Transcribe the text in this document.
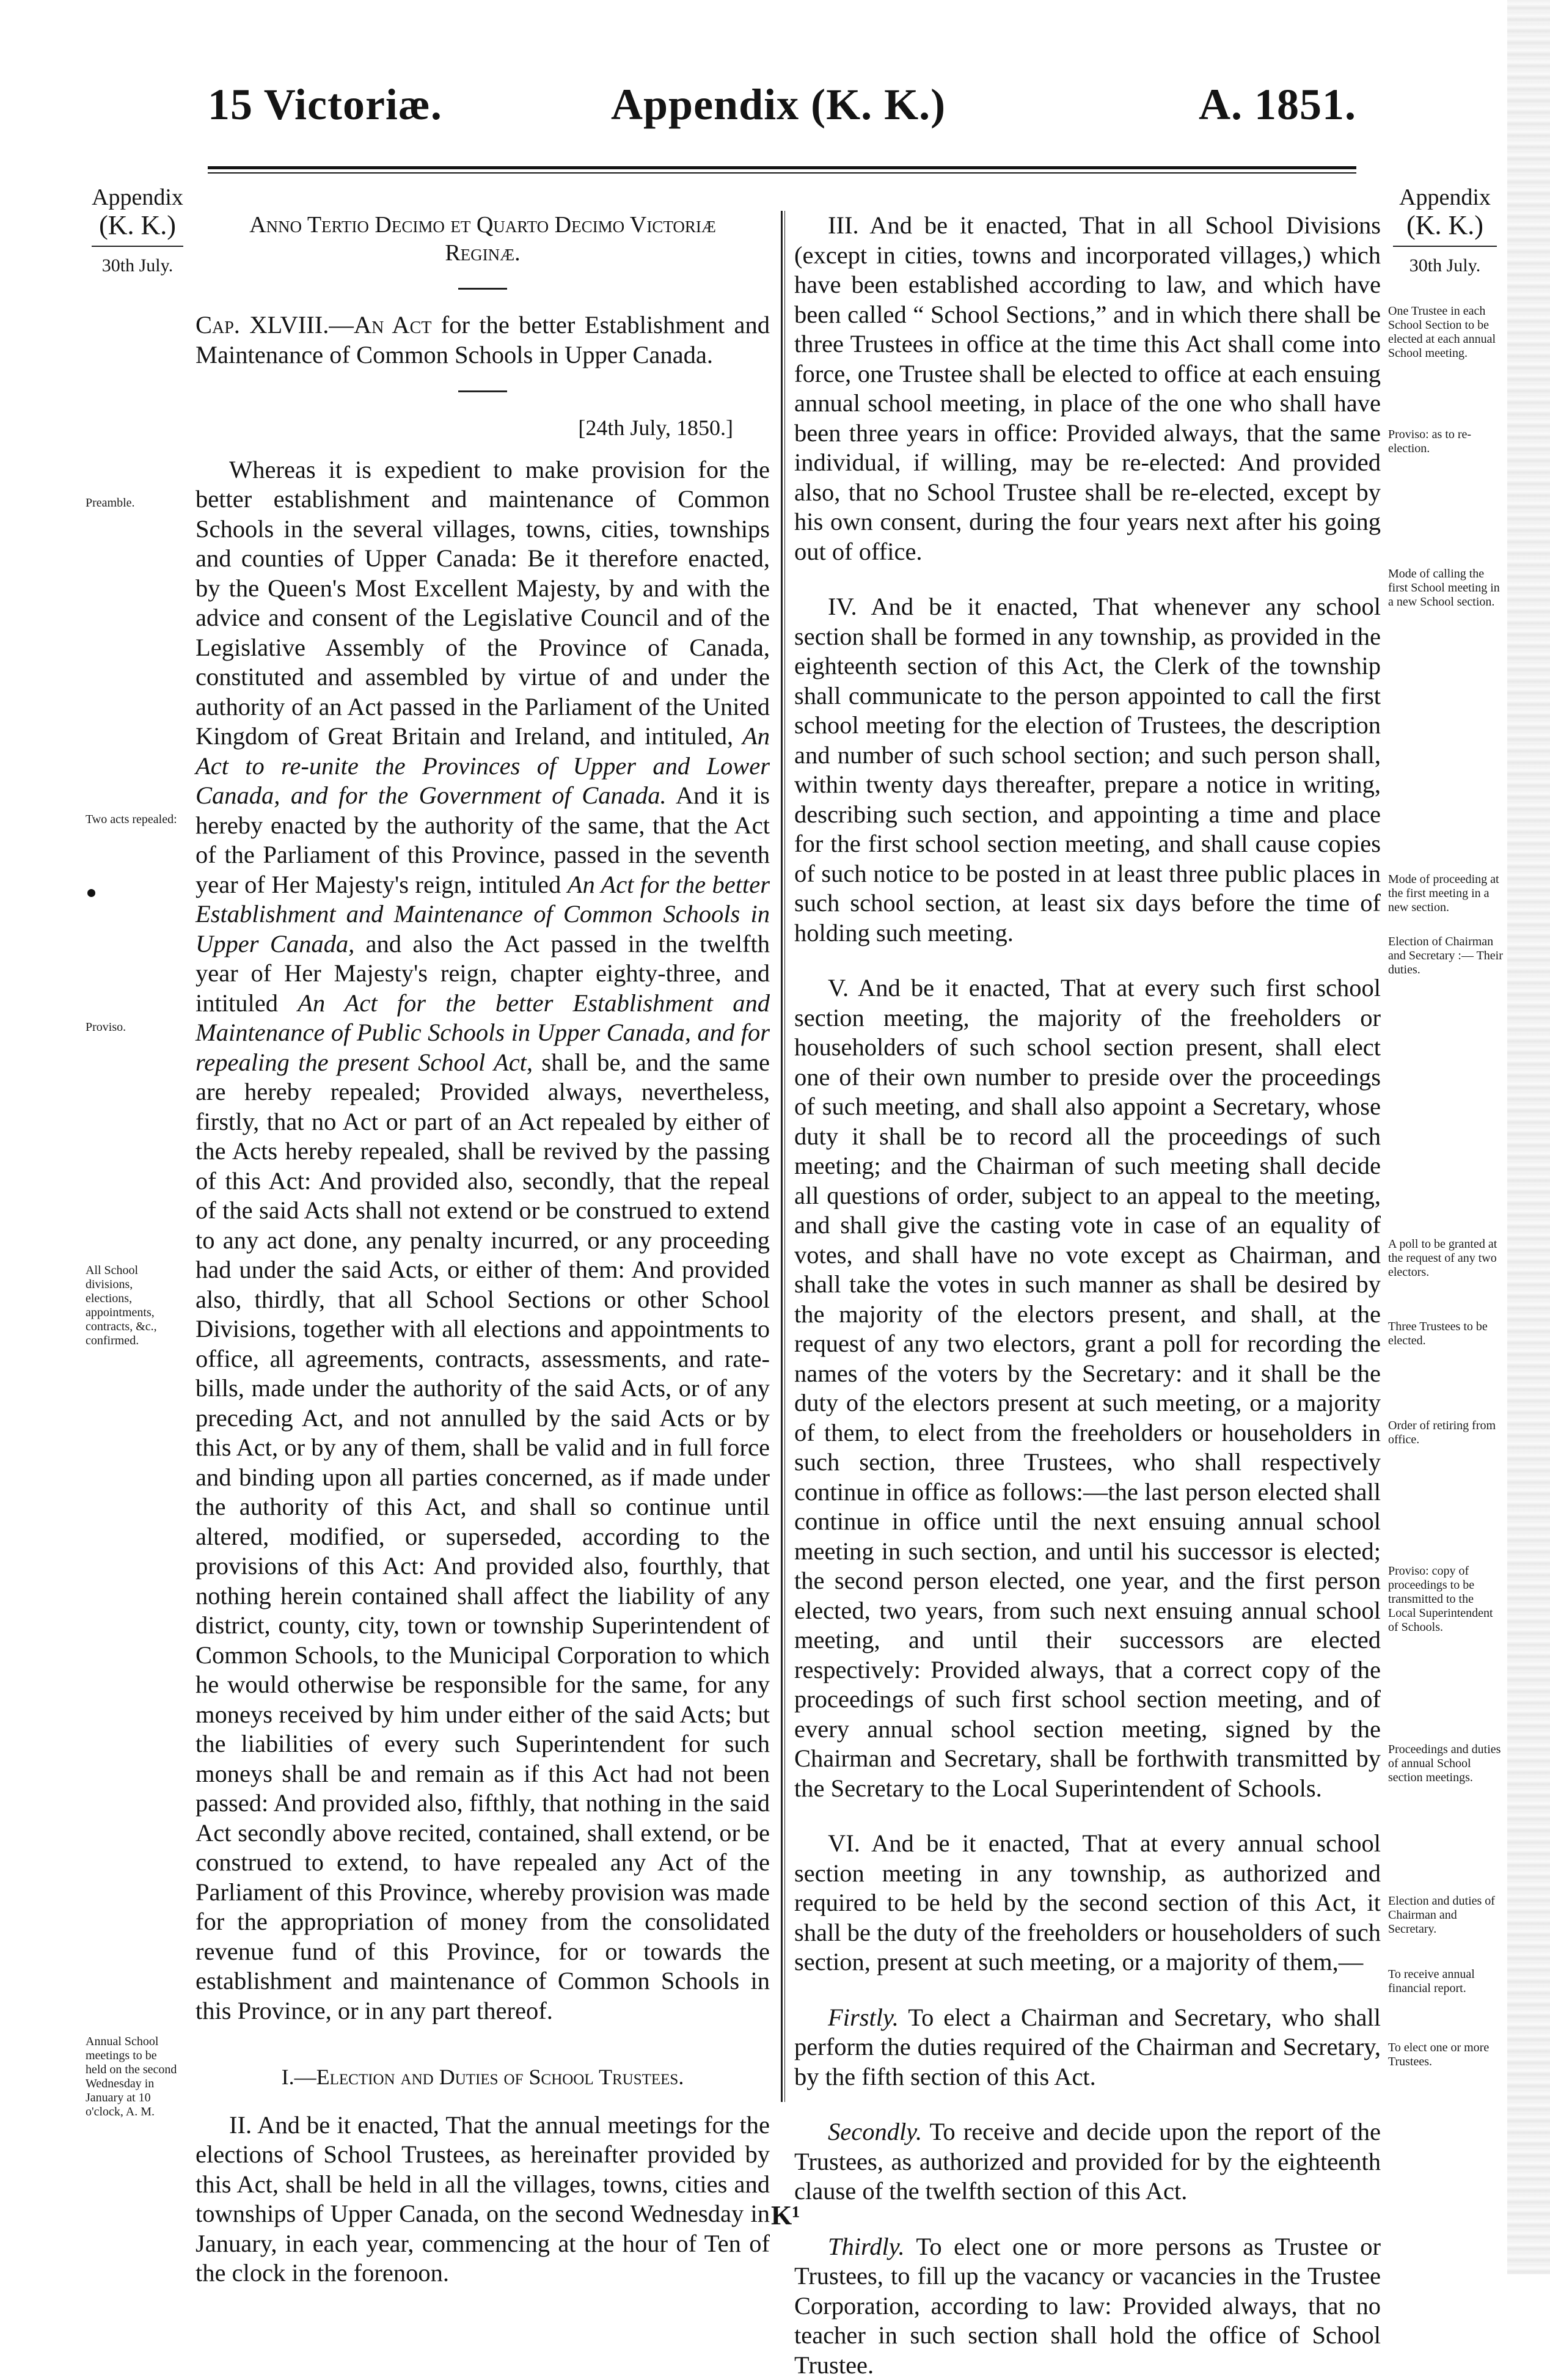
15 Victoriæ.	Appendix (K. K.)	A. 1851.
Appendix
(K. K.)
30th July.
Appendix
(K. K.)
30th July.
Preamble.
Two acts repealed:
Proviso.
All School divisions, elections, appointments, contracts, &c., confirmed.
Annual School meetings to be held on the second Wednesday in January at 10 o'clock, A. M.
One Trustee in each School Section to be elected at each annual School meeting.
Proviso: as to re-election.
Mode of calling the first School meeting in a new School section.
Mode of proceeding at the first meeting in a new section.
Election of Chairman and Secretary :— Their duties.
A poll to be granted at the request of any two electors.
Three Trustees to be elected.
Order of retiring from office.
Proviso: copy of proceedings to be transmitted to the Local Superintendent of Schools.
Proceedings and duties of annual School section meetings.
Election and duties of Chairman and Secretary.
To receive annual financial report.
To elect one or more Trustees.
Anno Tertio Decimo et Quarto Decimo Victoriæ
Reginæ.

Cap. XLVIII.—An Act for the better Establishment and Maintenance of Common Schools in Upper Canada.

[24th July, 1850.]

Whereas it is expedient to make provision for the better establishment and maintenance of Common Schools in the several villages, towns, cities, townships and counties of Upper Canada: Be it therefore enacted, by the Queen's Most Excellent Majesty, by and with the advice and consent of the Legislative Council and of the Legislative Assembly of the Province of Canada, constituted and assembled by virtue of and under the authority of an Act passed in the Parliament of the United Kingdom of Great Britain and Ireland, and intituled, An Act to re-unite the Provinces of Upper and Lower Canada, and for the Government of Canada. And it is hereby enacted by the authority of the same, that the Act of the Parliament of this Province, passed in the seventh year of Her Majesty's reign, intituled An Act for the better Establishment and Maintenance of Common Schools in Upper Canada, and also the Act passed in the twelfth year of Her Majesty's reign, chapter eighty-three, and intituled An Act for the better Establishment and Maintenance of Public Schools in Upper Canada, and for repealing the present School Act, shall be, and the same are hereby repealed; Provided always, nevertheless, firstly, that no Act or part of an Act repealed by either of the Acts hereby repealed, shall be revived by the passing of this Act: And provided also, secondly, that the repeal of the said Acts shall not extend or be construed to extend to any act done, any penalty incurred, or any proceeding had under the said Acts, or either of them: And provided also, thirdly, that all School Sections or other School Divisions, together with all elections and appointments to office, all agreements, contracts, assessments, and rate-bills, made under the authority of the said Acts, or of any preceding Act, and not annulled by the said Acts or by this Act, or by any of them, shall be valid and in full force and binding upon all parties concerned, as if made under the authority of this Act, and shall so continue until altered, modified, or superseded, according to the provisions of this Act: And provided also, fourthly, that nothing herein contained shall affect the liability of any district, county, city, town or township Superintendent of Common Schools, to the Municipal Corporation to which he would otherwise be responsible for the same, for any moneys received by him under either of the said Acts; but the liabilities of every such Superintendent for such moneys shall be and remain as if this Act had not been passed: And provided also, fifthly, that nothing in the said Act secondly above recited, contained, shall extend, or be construed to extend, to have repealed any Act of the Parliament of this Province, whereby provision was made for the appropriation of money from the consolidated revenue fund of this Province, for or towards the establishment and maintenance of Common Schools in this Province, or in any part thereof.

I.—Election and Duties of School Trustees.

II. And be it enacted, That the annual meetings for the elections of School Trustees, as hereinafter provided by this Act, shall be held in all the villages, towns, cities and townships of Upper Canada, on the second Wednesday in January, in each year, commencing at the hour of Ten of the clock in the forenoon.

III. And be it enacted, That in all School Divisions (except in cities, towns and incorporated villages,) which have been established according to law, and which have been called “ School Sections,” and in which there shall be three Trustees in office at the time this Act shall come into force, one Trustee shall be elected to office at each ensuing annual school meeting, in place of the one who shall have been three years in office: Provided always, that the same individual, if willing, may be re-elected: And provided also, that no School Trustee shall be re-elected, except by his own consent, during the four years next after his going out of office.

IV. And be it enacted, That whenever any school section shall be formed in any township, as provided in the eighteenth section of this Act, the Clerk of the township shall communicate to the person appointed to call the first school meeting for the election of Trustees, the description and number of such school section; and such person shall, within twenty days thereafter, prepare a notice in writing, describing such section, and appointing a time and place for the first school section meeting, and shall cause copies of such notice to be posted in at least three public places in such school section, at least six days before the time of holding such meeting.

V. And be it enacted, That at every such first school section meeting, the majority of the freeholders or householders of such school section present, shall elect one of their own number to preside over the proceedings of such meeting, and shall also appoint a Secretary, whose duty it shall be to record all the proceedings of such meeting; and the Chairman of such meeting shall decide all questions of order, subject to an appeal to the meeting, and shall give the casting vote in case of an equality of votes, and shall have no vote except as Chairman, and shall take the votes in such manner as shall be desired by the majority of the electors present, and shall, at the request of any two electors, grant a poll for recording the names of the voters by the Secretary: and it shall be the duty of the electors present at such meeting, or a majority of them, to elect from the freeholders or householders in such section, three Trustees, who shall respectively continue in office as follows:—the last person elected shall continue in office until the next ensuing annual school meeting in such section, and until his successor is elected; the second person elected, one year, and the first person elected, two years, from such next ensuing annual school meeting, and until their successors are elected respectively: Provided always, that a correct copy of the proceedings of such first school section meeting, and of every annual school section meeting, signed by the Chairman and Secretary, shall be forthwith transmitted by the Secretary to the Local Superintendent of Schools.

VI. And be it enacted, That at every annual school section meeting in any township, as authorized and required to be held by the second section of this Act, it shall be the duty of the freeholders or householders of such section, present at such meeting, or a majority of them,—

Firstly. To elect a Chairman and Secretary, who shall perform the duties required of the Chairman and Secretary, by the fifth section of this Act.

Secondly. To receive and decide upon the report of the Trustees, as authorized and provided for by the eighteenth clause of the twelfth section of this Act.

Thirdly. To elect one or more persons as Trustee or Trustees, to fill up the vacancy or vacancies in the Trustee Corporation, according to law: Provided always, that no teacher in such section shall hold the office of School Trustee.

K¹
